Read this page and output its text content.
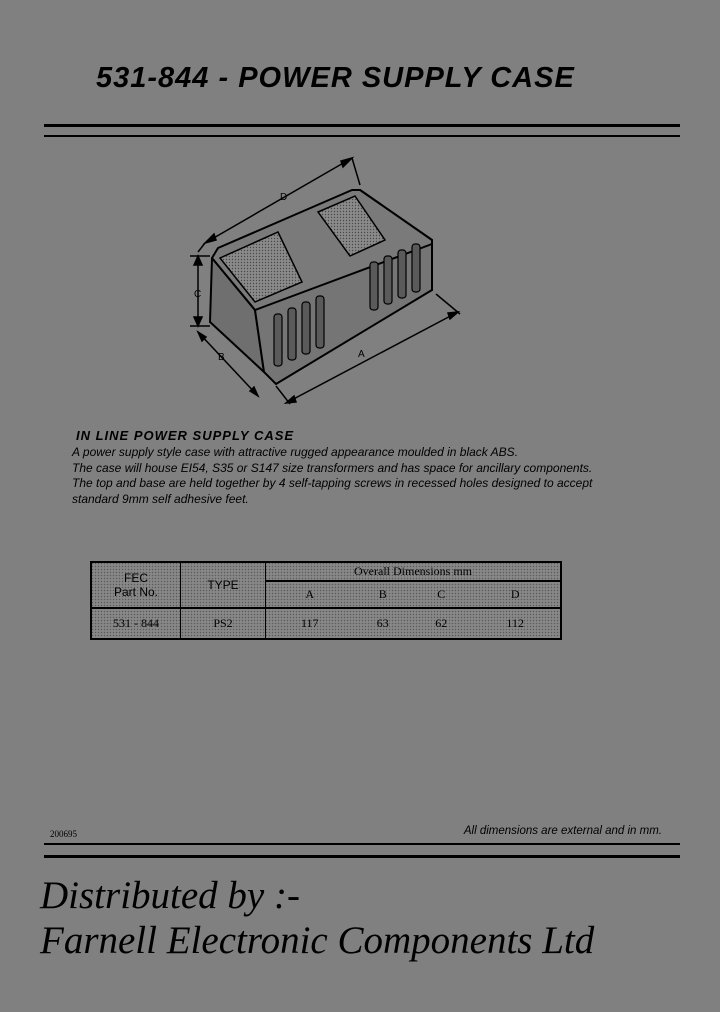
531-844 - POWER SUPPLY CASE
D
C
B	A
IN LINE POWER SUPPLY CASE

A power supply style case with attractive rugged appearance moulded in black ABS.

The case will house EI54, S35 or S147 size transformers and has space for ancillary components.

The top and base are held together by 4 self-tapping screws in recessed holes designed to accept standard 9mm self adhesive feet.

FEC
Part No.	TYPE	Overall Dimensions mm			
		A	B	C	D
531 - 844	PS2	117	63	62	112
200695	All dimensions are external and in mm.
Distributed by :-
Farnell Electronic Components Ltd
